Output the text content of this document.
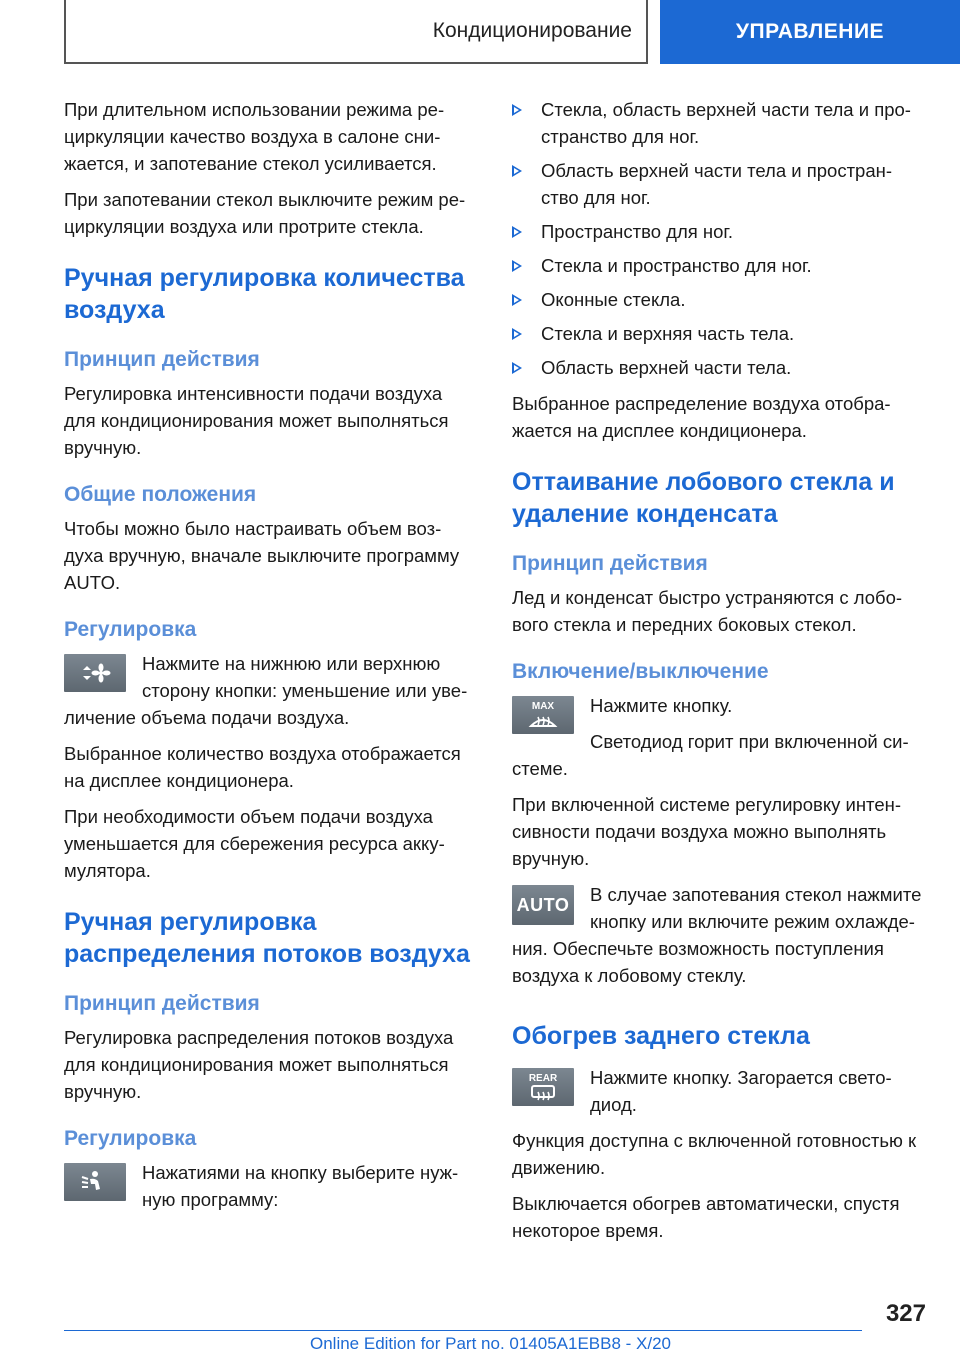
Кондиционирование	УПРАВЛЕНИЕ

При длительном использовании режима ре-циркуляции качество воздуха в салоне сни-жается, и запотевание стекол усиливается.

При запотевании стекол выключите режим ре-циркуляции воздуха или протрите стекла.

Ручная регулировка количества воздуха
Принцип действия

Регулировка интенсивности подачи воздуха для кондиционирования может выполняться вручную.

Общие положения

Чтобы можно было настраивать объем воз-духа вручную, вначале выключите программу AUTO.

Регулировка

Нажмите на нижнюю или верхнюю сторону кнопки: уменьшение или уве-личение объема подачи воздуха.

Выбранное количество воздуха отображается на дисплее кондиционера.

При необходимости объем подачи воздуха уменьшается для сбережения ресурса акку-мулятора.

Ручная регулировка распределения потоков воздуха
Принцип действия

Регулировка распределения потоков воздуха для кондиционирования может выполняться вручную.

Регулировка

Нажатиями на кнопку выберите нуж-ную программу:

Стекла, область верхней части тела и про-странство для ног.
Область верхней части тела и простран-ство для ног.
Пространство для ног.
Стекла и пространство для ног.
Оконные стекла.
Стекла и верхняя часть тела.
Область верхней части тела.

Выбранное распределение воздуха отобра-жается на дисплее кондиционера.

Оттаивание лобового стекла и удаление конденсата
Принцип действия

Лед и конденсат быстро устраняются с лобо-вого стекла и передних боковых стекол.

Включение/выключение
MAX	Нажмите кнопку.

Светодиод горит при включенной си-стеме.

При включенной системе регулировку интен-сивности подачи воздуха можно выполнять вручную.

AUTO	В случае запотевания стекол нажмите кнопку или включите режим охлажде-ния. Обеспечьте возможность поступления воздуха к лобовому стеклу.

Обогрев заднего стекла
REAR	Нажмите кнопку. Загорается свето-диод.

Функция доступна с включенной готовностью к движению.

Выключается обогрев автоматически, спустя некоторое время.

327
Online Edition for Part no. 01405A1EBB8 - X/20
